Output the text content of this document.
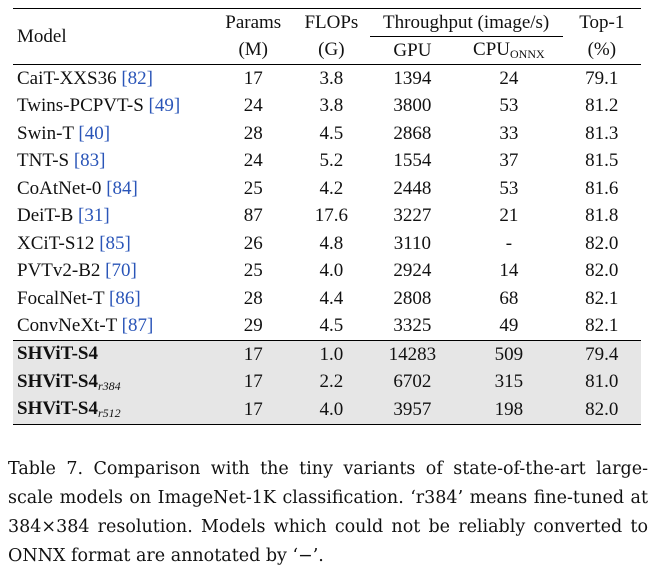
Model	Params	FLOPs	Throughput (image/s)		Top-1
	(M)	(G)	GPU	CPUONNX	(%)

CaiT-XXS36 [82]	17	3.8	1394	24	79.1
Twins-PCPVT-S [49]	24	3.8	3800	53	81.2
Swin-T [40]	28	4.5	2868	33	81.3
TNT-S [83]	24	5.2	1554	37	81.5
CoAtNet-0 [84]	25	4.2	2448	53	81.6
DeiT-B [31]	87	17.6	3227	21	81.8
XCiT-S12 [85]	26	4.8	3110	-	82.0
PVTv2-B2 [70]	25	4.0	2924	14	82.0
FocalNet-T [86]	28	4.4	2808	68	82.1
ConvNeXt-T [87]	29	4.5	3325	49	82.1
SHViT-S4	17	1.0	14283	509	79.4
SHViT-$S4_{r384}$	17	2.2	6702	315	81.0
SHViT-$S4_{r512}$	17	4.0	3957	198	82.0

Table 7. Comparison with the tiny variants of state-of-the-art large-scale models on ImageNet-1K classification. ‘r384’ means fine-tuned at 384×384 resolution. Models which could not be reliably converted to ONNX format are annotated by ‘−’.
